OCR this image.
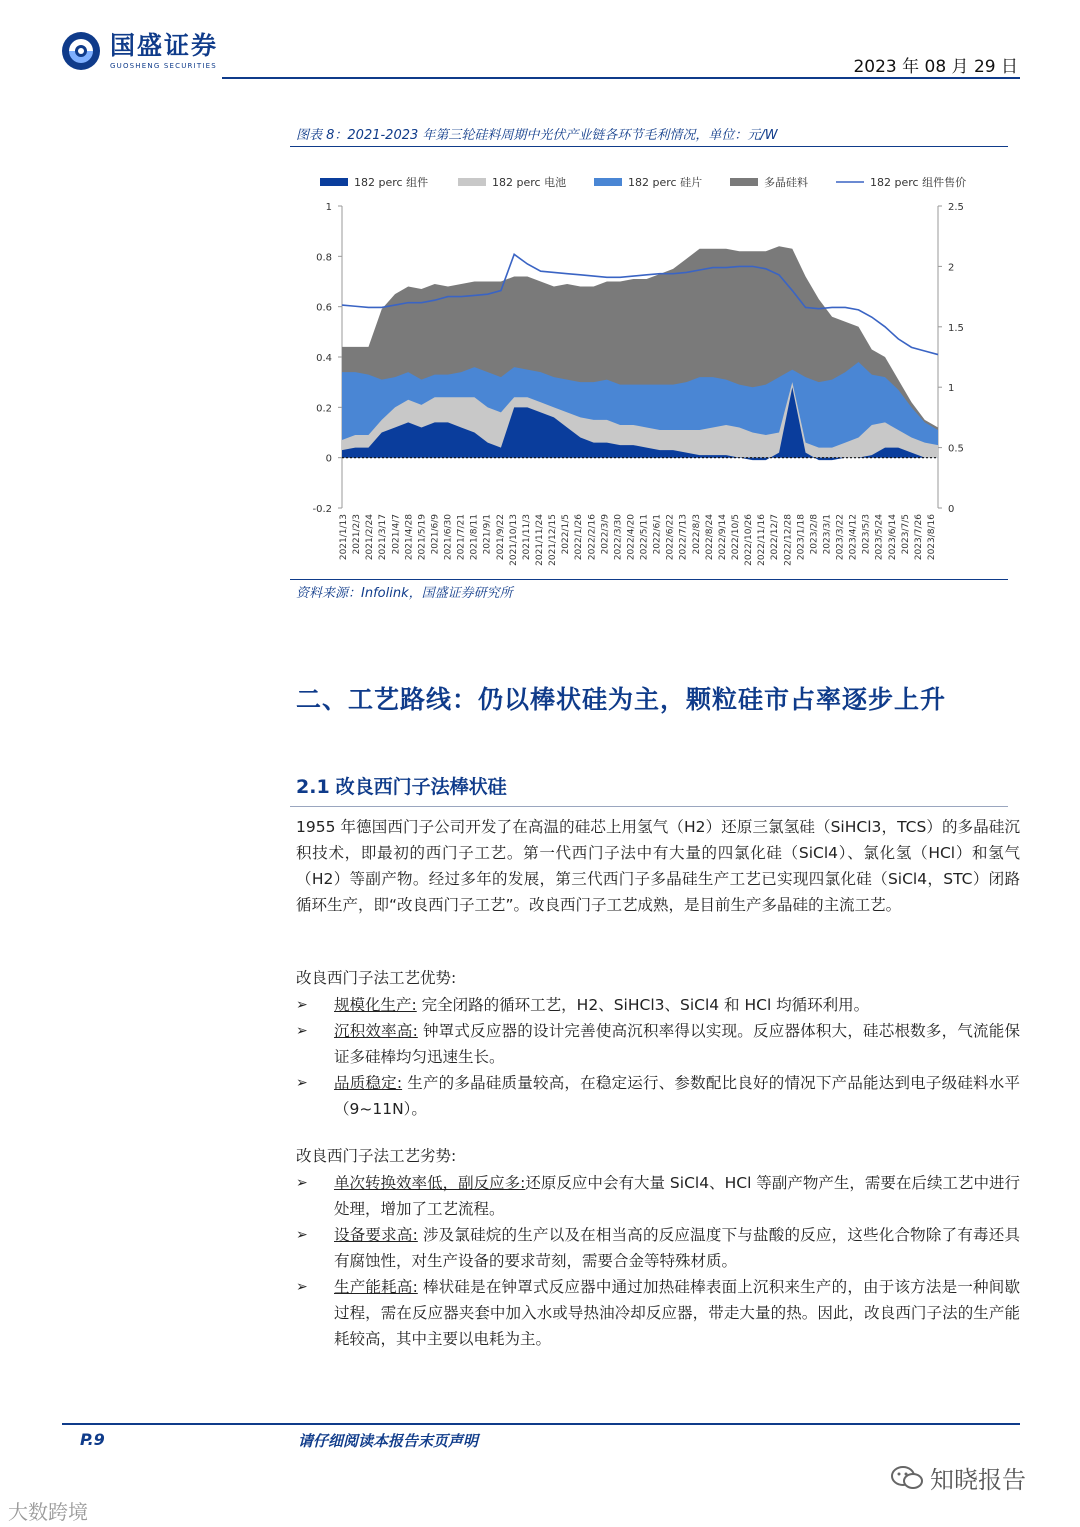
国盛证券
GUOSHENG SECURITIES	2023 年 08 月 29 日
图表 8：2021-2023 年第三轮硅料周期中光伏产业链各环节毛利情况，单位：元/W
182 perc 组件	182 perc 电池	182 perc 硅片	多晶硅料	182 perc 组件售价
1
0.8
0.6
0.4
0.2
0
-0.2
2.5
2
1.5
1
0.5
0
2021/1/13 2021/2/3 2021/2/24 2021/3/17 2021/4/7 2021/4/28 2021/5/19 2021/6/9 2021/6/30 2021/7/21 2021/8/11 2021/9/1 2021/9/22 2021/10/13 2021/11/3 2021/11/24 2021/12/15 2022/1/5 2022/1/26 2022/2/16 2022/3/9 2022/3/30 2022/4/20 2022/5/11 2022/6/1 2022/6/22 2022/7/13 2022/8/3 2022/8/24 2022/9/14 2022/10/5 2022/10/26 2022/11/16 2022/12/7 2022/12/28 2023/1/18 2023/2/8 2023/3/1 2023/3/22 2023/4/12 2023/5/3 2023/5/24 2023/6/14 2023/7/5 2023/7/26 2023/8/16
资料来源：Infolink，国盛证券研究所
二、工艺路线：仍以棒状硅为主，颗粒硅市占率逐步上升
2.1 改良西门子法棒状硅
1955 年德国西门子公司开发了在高温的硅芯上用氢气（H2）还原三氯氢硅（SiHCl3，TCS）的多晶硅沉积技术，即最初的西门子工艺。第一代西门子法中有大量的四氯化硅（SiCl4）、氯化氢（HCl）和氢气（H2）等副产物。经过多年的发展，第三代西门子多晶硅生产工艺已实现四氯化硅（SiCl4，STC）闭路循环生产，即“改良西门子工艺”。改良西门子工艺成熟，是目前生产多晶硅的主流工艺。
改良西门子法工艺优势:
➢ 规模化生产: 完全闭路的循环工艺，H2、SiHCl3、SiCl4 和 HCl 均循环利用。
➢ 沉积效率高: 钟罩式反应器的设计完善使高沉积率得以实现。反应器体积大，硅芯根数多，气流能保证多硅棒均匀迅速生长。
➢ 品质稳定: 生产的多晶硅质量较高，在稳定运行、参数配比良好的情况下产品能达到电子级硅料水平（9~11N）。
改良西门子法工艺劣势:
➢ 单次转换效率低，副反应多:还原反应中会有大量 SiCl4、HCl 等副产物产生，需要在后续工艺中进行处理，增加了工艺流程。
➢ 设备要求高: 涉及氯硅烷的生产以及在相当高的反应温度下与盐酸的反应，这些化合物除了有毒还具有腐蚀性，对生产设备的要求苛刻，需要合金等特殊材质。
➢ 生产能耗高: 棒状硅是在钟罩式反应器中通过加热硅棒表面上沉积来生产的，由于该方法是一种间歇过程，需在反应器夹套中加入水或导热油冷却反应器，带走大量的热。因此，改良西门子法的生产能耗较高，其中主要以电耗为主。
P.9	请仔细阅读本报告末页声明
知晓报告
大数跨境
